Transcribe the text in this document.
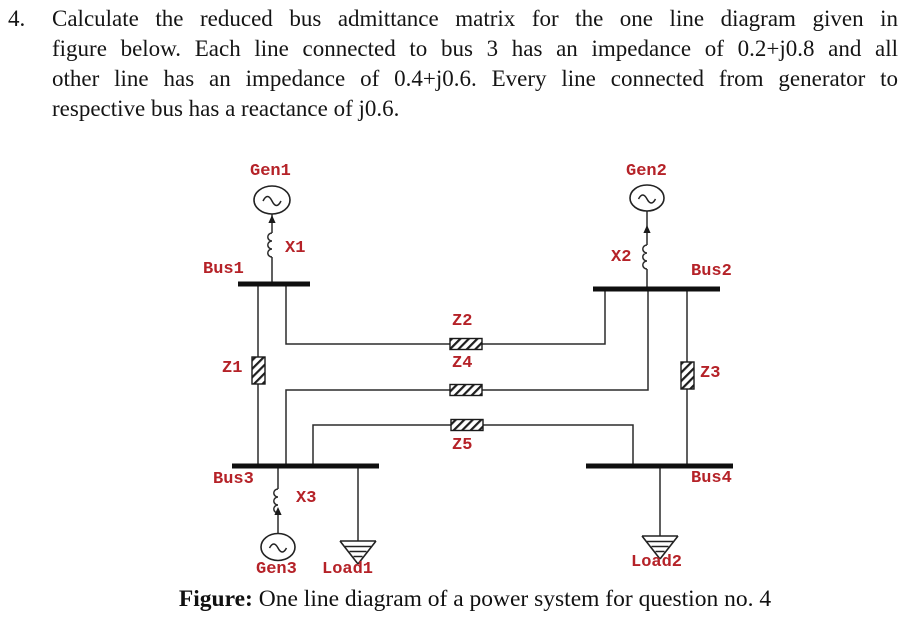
4. Calculate the reduced bus admittance matrix for the one line diagram given in
figure below. Each line connected to bus 3 has an impedance of 0.2+j0.8 and all
other line has an impedance of 0.4+j0.6. Every line connected from generator to
respective bus has a reactance of j0.6.
Gen1	Gen2
X1	X2
Bus1	Bus2
Z2
Z4
Z1	Z3
Z5
Bus3	Bus4
X3
Gen3 Load1	Load2
Figure: One line diagram of a power system for question no. 4
